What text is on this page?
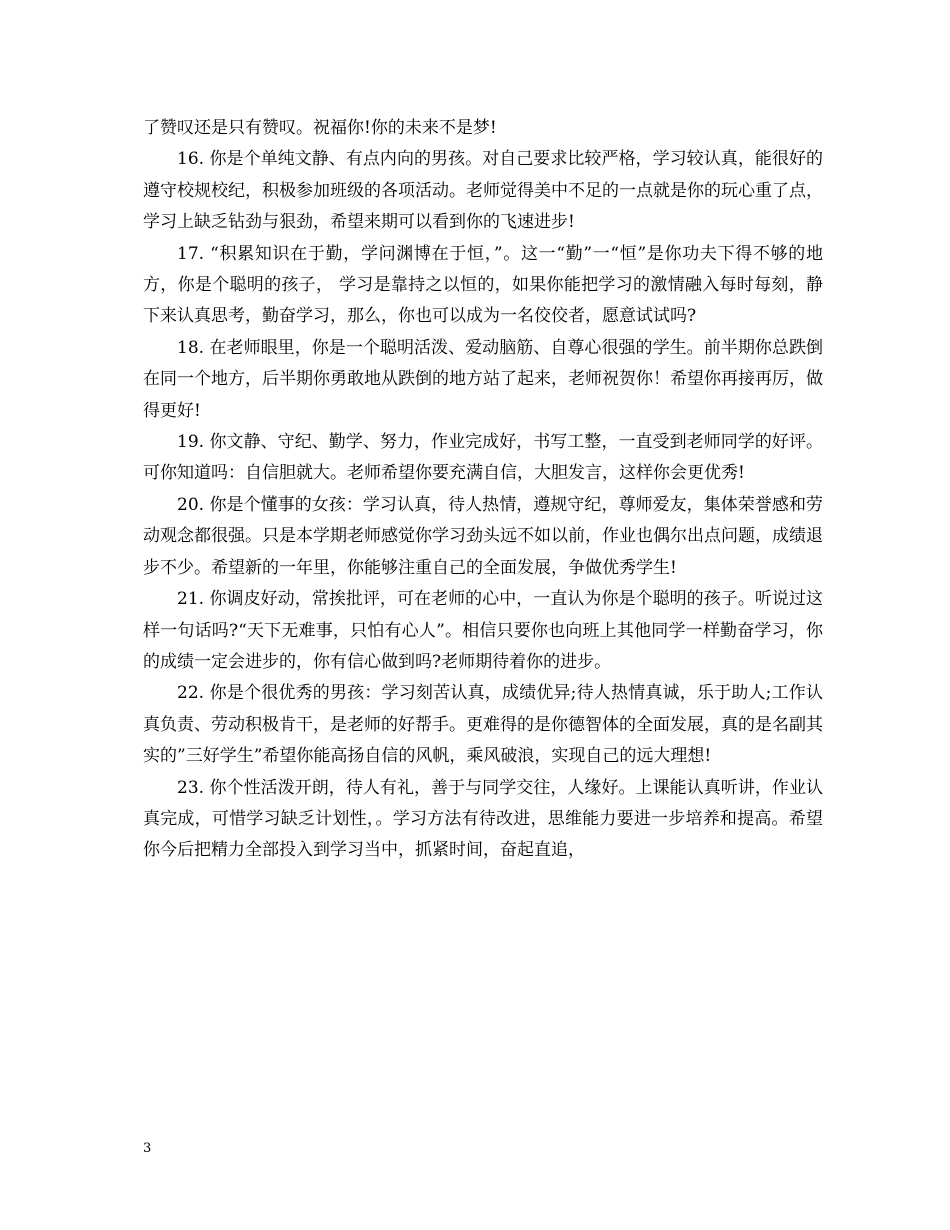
了赞叹还是只有赞叹。祝福你!你的未来不是梦!

16. 你是个单纯文静、有点内向的男孩。对自己要求比较严格，学习较认真，能很好的遵守校规校纪，积极参加班级的各项活动。老师觉得美中不足的一点就是你的玩心重了点，学习上缺乏钻劲与狠劲，希望来期可以看到你的飞速进步!

17. “积累知识在于勤，学问渊博在于恒，”。这一“勤”一“恒”是你功夫下得不够的地方，你是个聪明的孩子， 学习是靠持之以恒的，如果你能把学习的激情融入每时每刻，静下来认真思考，勤奋学习，那么，你也可以成为一名佼佼者，愿意试试吗?

18. 在老师眼里，你是一个聪明活泼、爱动脑筋、自尊心很强的学生。前半期你总跌倒在同一个地方，后半期你勇敢地从跌倒的地方站了起来，老师祝贺你！希望你再接再厉，做得更好!

19. 你文静、守纪、勤学、努力，作业完成好，书写工整，一直受到老师同学的好评。可你知道吗：自信胆就大。老师希望你要充满自信，大胆发言，这样你会更优秀!

20. 你是个懂事的女孩：学习认真，待人热情，遵规守纪，尊师爱友，集体荣誉感和劳动观念都很强。只是本学期老师感觉你学习劲头远不如以前，作业也偶尔出点问题，成绩退步不少。希望新的一年里，你能够注重自己的全面发展，争做优秀学生!

21. 你调皮好动，常挨批评，可在老师的心中，一直认为你是个聪明的孩子。听说过这样一句话吗?“天下无难事，只怕有心人”。相信只要你也向班上其他同学一样勤奋学习，你的成绩一定会进步的，你有信心做到吗?老师期待着你的进步。

22. 你是个很优秀的男孩：学习刻苦认真，成绩优异;待人热情真诚，乐于助人;工作认真负责、劳动积极肯干，是老师的好帮手。更难得的是你德智体的全面发展，真的是名副其实的”三好学生”希望你能高扬自信的风帆，乘风破浪，实现自己的远大理想!

23. 你个性活泼开朗，待人有礼，善于与同学交往，人缘好。上课能认真听讲，作业认真完成，可惜学习缺乏计划性，。学习方法有待改进，思维能力要进一步培养和提高。希望你今后把精力全部投入到学习当中，抓紧时间，奋起直追，

3
